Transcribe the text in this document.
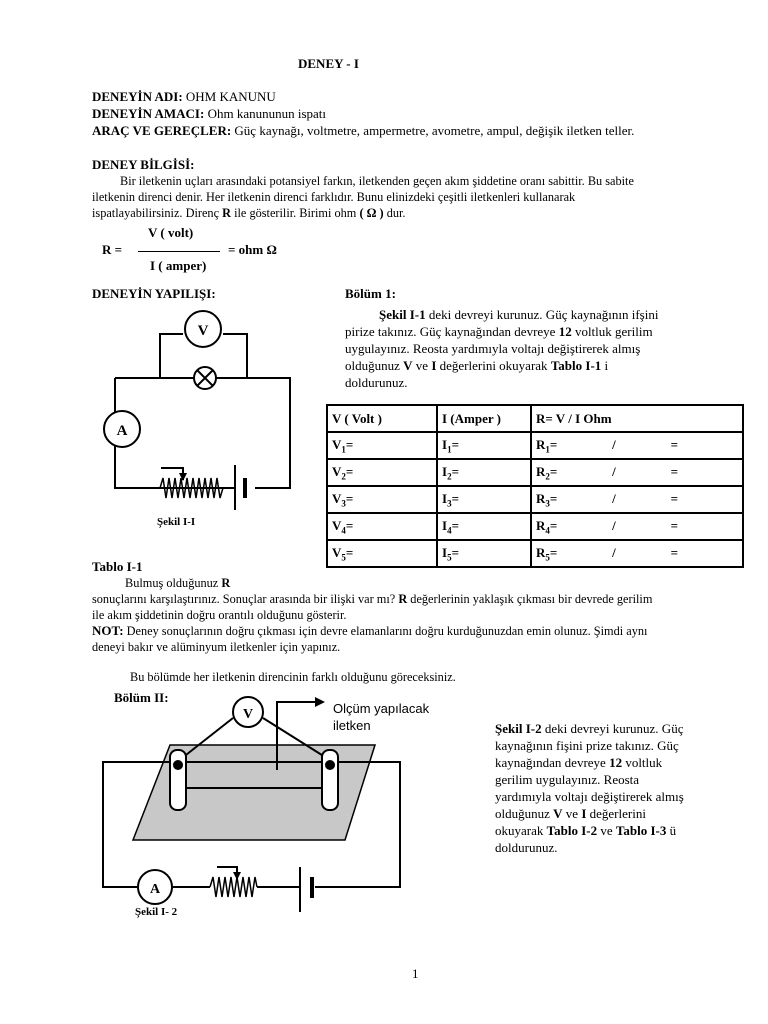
DENEY - I
DENEYİN ADI: OHM KANUNU
DENEYİN AMACI: Ohm kanununun ispatı
ARAÇ VE GEREÇLER: Güç kaynağı, voltmetre, ampermetre, avometre, ampul, değişik iletken teller.
DENEY BİLGİSİ:
Bir iletkenin uçları arasındaki potansiyel farkın, iletkenden geçen akım şiddetine oranı sabittir. Bu sabite
iletkenin direnci denir. Her iletkenin direnci farklıdır. Bunu elinizdeki çeşitli iletkenleri kullanarak
ispatlayabilirsiniz. Direnç R ile gösterilir. Birimi ohm ( Ω ) dur.
R =
V ( volt)
I ( amper)
= ohm Ω
DENEYİN YAPILIŞI:	Bölüm 1:
Şekil I-1 deki devreyi kurunuz. Güç kaynağının ifşini
pirize takınız. Güç kaynağından devreye 12 voltluk gerilim
uygulayınız. Reosta yardımıyla voltajı değiştirerek almış
olduğunuz V ve I değerlerini okuyarak Tablo I-1 i
doldurunuz.
V
A
Şekil I-I
V ( Volt )	I (Amper )	R= V / I Ohm
$V_1=$	$I_1=$	$R_1=$ / =

$V_2=$	$I_2=$	$R_2=$ / =

$V_3=$	$I_3=$	$R_3=$ / =

$V_4=$	$I_4=$	$R_4=$ / =

$V_5=$	$I_5=$	$R_5=$ / =
Tablo I-1
Bulmuş olduğunuz R
sonuçlarını karşılaştırınız. Sonuçlar arasında bir ilişki var mı? R değerlerinin yaklaşık çıkması bir devrede gerilim
ile akım şiddetinin doğru orantılı olduğunu gösterir.
NOT: Deney sonuçlarının doğru çıkması için devre elamanlarını doğru kurduğunuzdan emin olunuz. Şimdi aynı
deneyi bakır ve alüminyum iletkenler için yapınız.
Bu bölümde her iletkenin direncinin farklı olduğunu göreceksiniz.
Bölüm II:
V
A
Şekil I- 2
Olçüm yapılacak
iletken	Şekil I-2 deki devreyi kurunuz. Güç
kaynağının fişini prize takınız. Güç
kaynağından devreye 12 voltluk
gerilim uygulayınız. Reosta
yardımıyla voltajı değiştirerek almış
olduğunuz V ve I değerlerini
okuyarak Tablo I-2 ve Tablo I-3 ü
doldurunuz.
1
